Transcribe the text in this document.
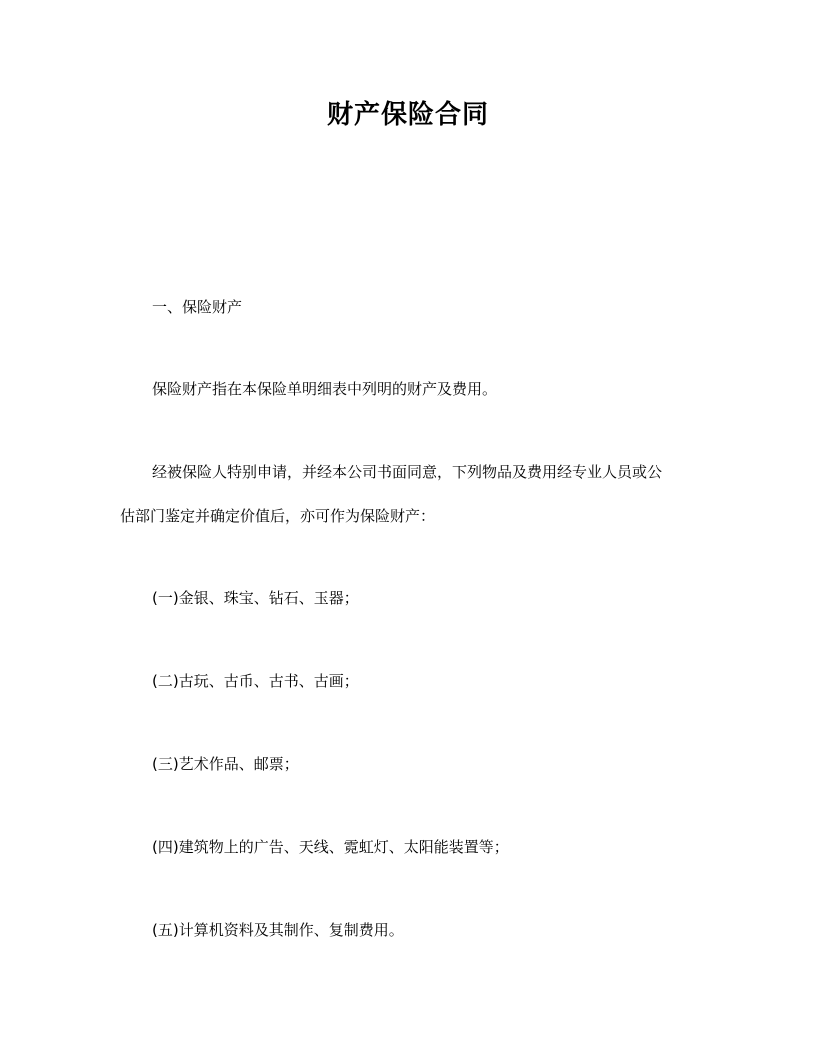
财产保险合同
一、保险财产
保险财产指在本保险单明细表中列明的财产及费用。
经被保险人特别申请，并经本公司书面同意，下列物品及费用经专业人员或公
估部门鉴定并确定价值后，亦可作为保险财产：
(一)金银、珠宝、钻石、玉器；
(二)古玩、古币、古书、古画；
(三)艺术作品、邮票；
(四)建筑物上的广告、天线、霓虹灯、太阳能装置等；
(五)计算机资料及其制作、复制费用。
